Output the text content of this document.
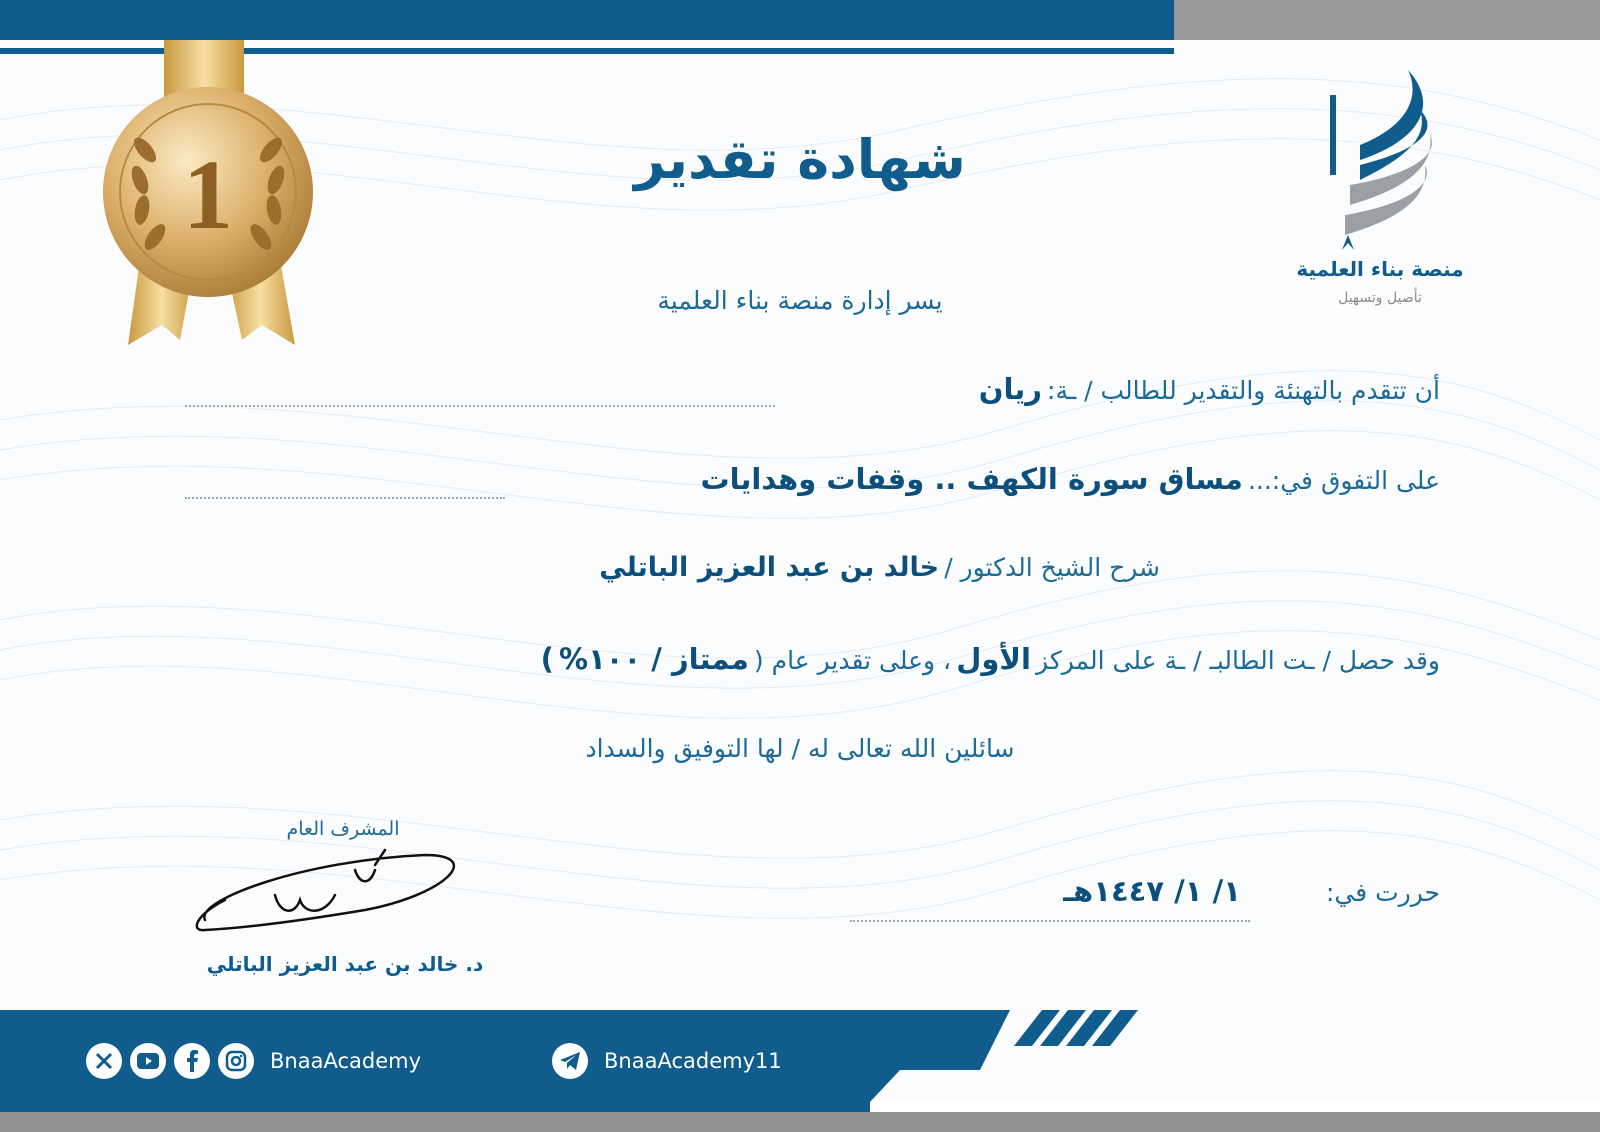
1
منصة بناء العلمية
تأصيل وتسهيل
شهادة تقدير
يسر إدارة منصة بناء العلمية
أن تتقدم بالتهنئة والتقدير للطالب / ـة: ريان
على التفوق في:... مساق سورة الكهف .. وقفات وهدايات
شرح الشيخ الدكتور / خالد بن عبد العزيز الباتلي
وقد حصل / ـت الطالبـ / ـة على المركز الأول ، وعلى تقدير عام ( ممتاز / ١٠٠% )
سائلين الله تعالى له / لها التوفيق والسداد
حررت في: ١/ ١/ ١٤٤٧هـ
المشرف العام
د. خالد بن عبد العزيز الباتلي
BnaaAcademy	BnaaAcademy11
